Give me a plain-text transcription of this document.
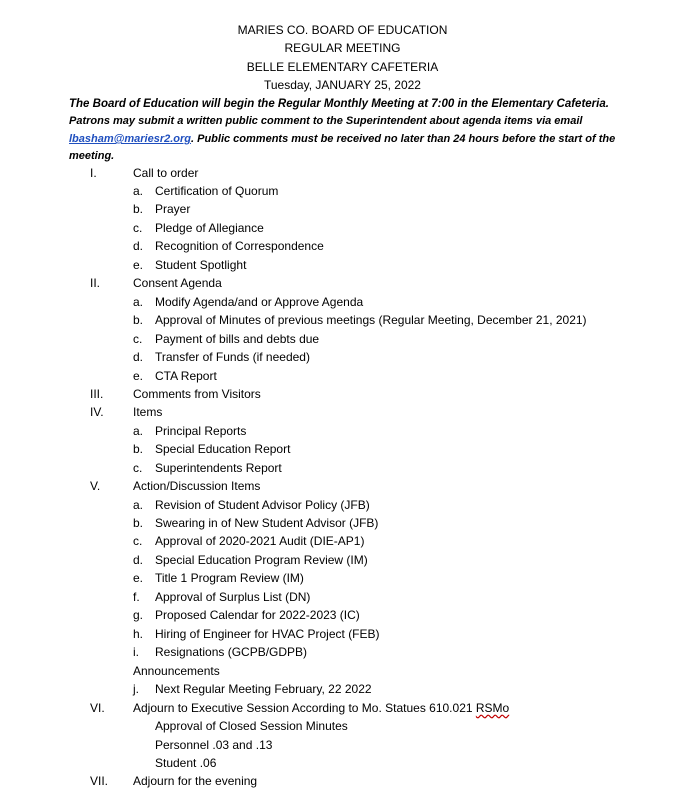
MARIES CO. BOARD OF EDUCATION
REGULAR MEETING
BELLE ELEMENTARY CAFETERIA
Tuesday, JANUARY 25, 2022
The Board of Education will begin the Regular Monthly Meeting at 7:00 in the Elementary Cafeteria.
Patrons may submit a written public comment to the Superintendent about agenda items via email
lbasham@mariesr2.org. Public comments must be received no later than 24 hours before the start of the
meeting.
I.	Call to order
a. Certification of Quorum
b. Prayer
c. Pledge of Allegiance
d. Recognition of Correspondence
e. Student Spotlight
II.	Consent Agenda
a. Modify Agenda/and or Approve Agenda
b. Approval of Minutes of previous meetings (Regular Meeting, December 21, 2021)
c. Payment of bills and debts due
d. Transfer of Funds (if needed)
e. CTA Report
III. Comments from Visitors
IV. Items
a. Principal Reports
b. Special Education Report
c. Superintendents Report
V.	Action/Discussion Items
a. Revision of Student Advisor Policy (JFB)
b. Swearing in of New Student Advisor (JFB)
c. Approval of 2020-2021 Audit (DIE-AP1)
d. Special Education Program Review (IM)
e. Title 1 Program Review (IM)
f. Approval of Surplus List (DN)
g. Proposed Calendar for 2022-2023 (IC)
h. Hiring of Engineer for HVAC Project (FEB)
i. Resignations (GCPB/GDPB)
Announcements
j. Next Regular Meeting February, 22 2022
VI. Adjourn to Executive Session According to Mo. Statues 610.021 RSMo
Approval of Closed Session Minutes
Personnel .03 and .13
Student .06
VII. Adjourn for the evening
